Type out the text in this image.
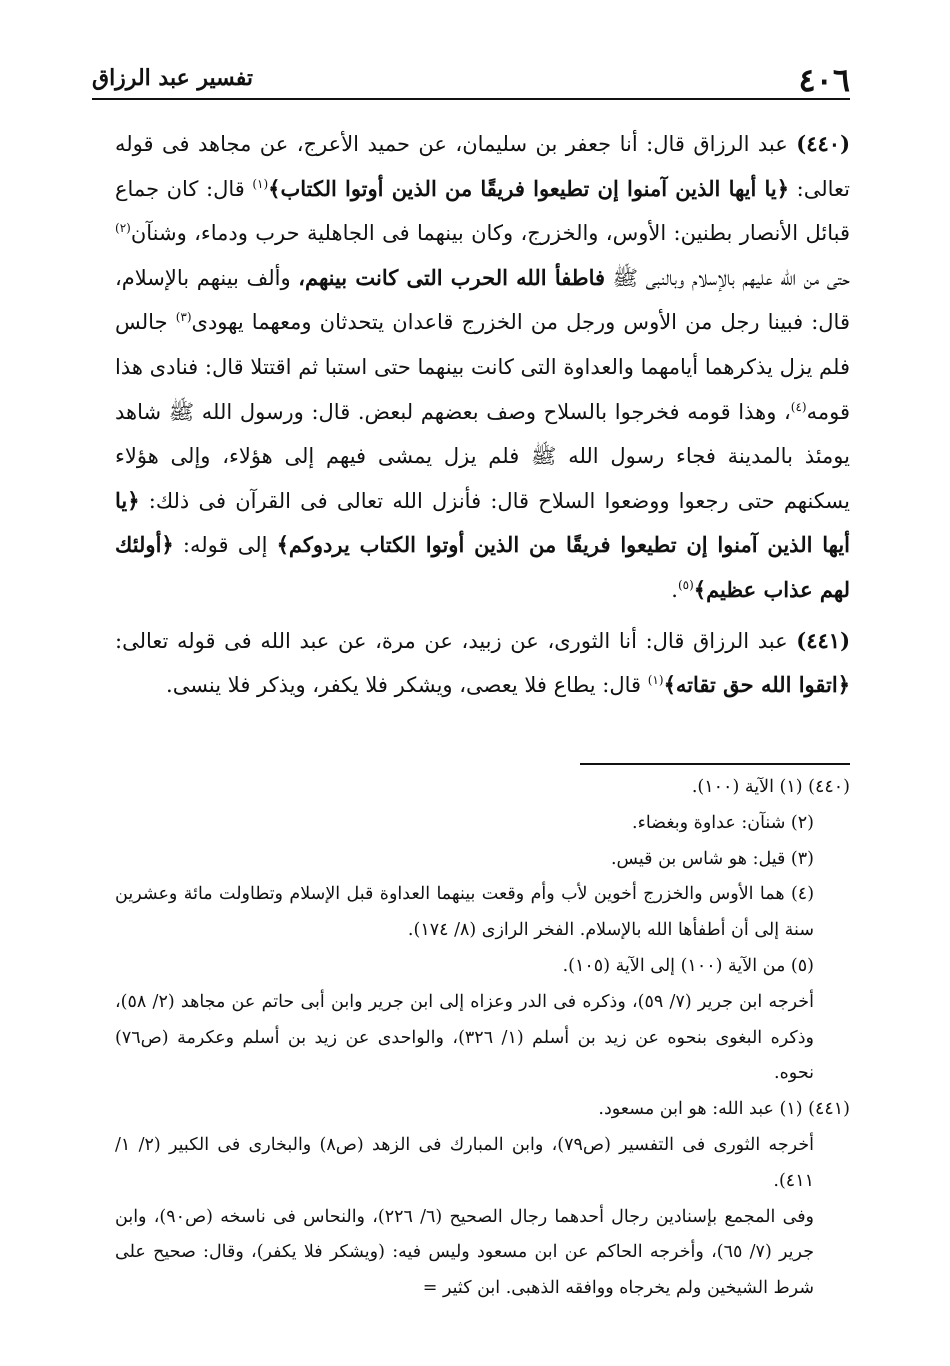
٤٠٦
تفسير عبد الرزاق

(٤٤٠) عبد الرزاق قال: أنا جعفر بن سليمان، عن حميد الأعرج، عن مجاهد فى قوله تعالى: ﴿يا أيها الذين آمنوا إن تطيعوا فريقًا من الذين أوتوا الكتاب﴾$^{(١)}$ قال: كان جماع قبائل الأنصار بطنين: الأوس، والخزرج، وكان بينهما فى الجاهلية حرب ودماء، وشنآن$^{(٢)}$ حتى من الله عليهم بالإسلام وبالنبى ﷺ فاطفأ الله الحرب التى كانت بينهم، وألف بينهم بالإسلام، قال: فبينا رجل من الأوس ورجل من الخزرج قاعدان يتحدثان ومعهما يهودى$^{(٣)}$ جالس فلم يزل يذكرهما أيامهما والعداوة التى كانت بينهما حتى استبا ثم اقتتلا قال: فنادى هذا قومه$^{(٤)}$، وهذا قومه فخرجوا بالسلاح وصف بعضهم لبعض. قال: ورسول الله ﷺ شاهد يومئذ بالمدينة فجاء رسول الله ﷺ فلم يزل يمشى فيهم إلى هؤلاء، وإلى هؤلاء يسكنهم حتى رجعوا ووضعوا السلاح قال: فأنزل الله تعالى فى القرآن فى ذلك: ﴿يا أيها الذين آمنوا إن تطيعوا فريقًا من الذين أوتوا الكتاب يردوكم﴾ إلى قوله: ﴿أولئك لهم عذاب عظيم﴾$^{(٥)}$.

(٤٤١) عبد الرزاق قال: أنا الثورى، عن زبيد، عن مرة، عن عبد الله فى قوله تعالى: ﴿اتقوا الله حق تقاته﴾$^{(١)}$ قال: يطاع فلا يعصى، ويشكر فلا يكفر، ويذكر فلا ينسى.

(٤٤٠) (١) الآية (١٠٠).

(٢) شنآن: عداوة وبغضاء.

(٣) قيل: هو شاس بن قيس.

(٤) هما الأوس والخزرج أخوين لأب وأم وقعت بينهما العداوة قبل الإسلام وتطاولت مائة وعشرين سنة إلى أن أطفأها الله بالإسلام. الفخر الرازى (٨/ ١٧٤).

(٥) من الآية (١٠٠) إلى الآية (١٠٥).

أخرجه ابن جرير (٧/ ٥٩)، وذكره فى الدر وعزاه إلى ابن جرير وابن أبى حاتم عن مجاهد (٢/ ٥٨)، وذكره البغوى بنحوه عن زيد بن أسلم (١/ ٣٢٦)، والواحدى عن زيد بن أسلم وعكرمة (ص٧٦) نحوه.

(٤٤١) (١) عبد الله: هو ابن مسعود.

أخرجه الثورى فى التفسير (ص٧٩)، وابن المبارك فى الزهد (ص٨) والبخارى فى الكبير (٢/ ١/ ٤١١).

وفى المجمع بإسنادين رجال أحدهما رجال الصحيح (٦/ ٢٢٦)، والنحاس فى ناسخه (ص٩٠)، وابن جرير (٧/ ٦٥)، وأخرجه الحاكم عن ابن مسعود وليس فيه: (ويشكر فلا يكفر)، وقال: صحيح على شرط الشيخين ولم يخرجاه ووافقه الذهبى. ابن كثير =
